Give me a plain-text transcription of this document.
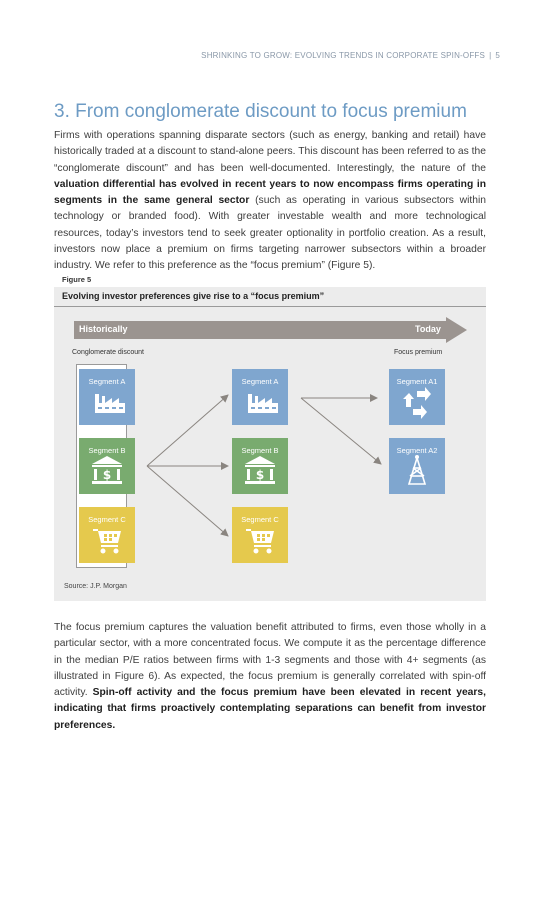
SHRINKING TO GROW: EVOLVING TRENDS IN CORPORATE SPIN-OFFS | 5
3. From conglomerate discount to focus premium

Firms with operations spanning disparate sectors (such as energy, banking and retail) have historically traded at a discount to stand-alone peers. This discount has been referred to as the “conglomerate discount” and has been well-documented. Interestingly, the nature of the valuation differential has evolved in recent years to now encompass firms operating in segments in the same general sector (such as operating in various subsectors within technology or branded food). With greater investable wealth and more technological resources, today’s investors tend to seek greater optionality in portfolio creation. As a result, investors now place a premium on firms targeting narrower subsectors within a broader industry. We refer to this preference as the “focus premium” (Figure 5).

Figure 5
Evolving investor preferences give rise to a “focus premium”
Historically	Today
Conglomerate discount	Focus premium
Segment A
Segment B
$
Segment C
Segment A
Segment B
$
Segment C
Segment A1
Segment A2
Source: J.P. Morgan

The focus premium captures the valuation benefit attributed to firms, even those wholly in a particular sector, with a more concentrated focus. We compute it as the percentage difference in the median P/E ratios between firms with 1-3 segments and those with 4+ segments (as illustrated in Figure 6). As expected, the focus premium is generally correlated with spin-off activity. Spin-off activity and the focus premium have been elevated in recent years, indicating that firms proactively contemplating separations can benefit from investor preferences.
